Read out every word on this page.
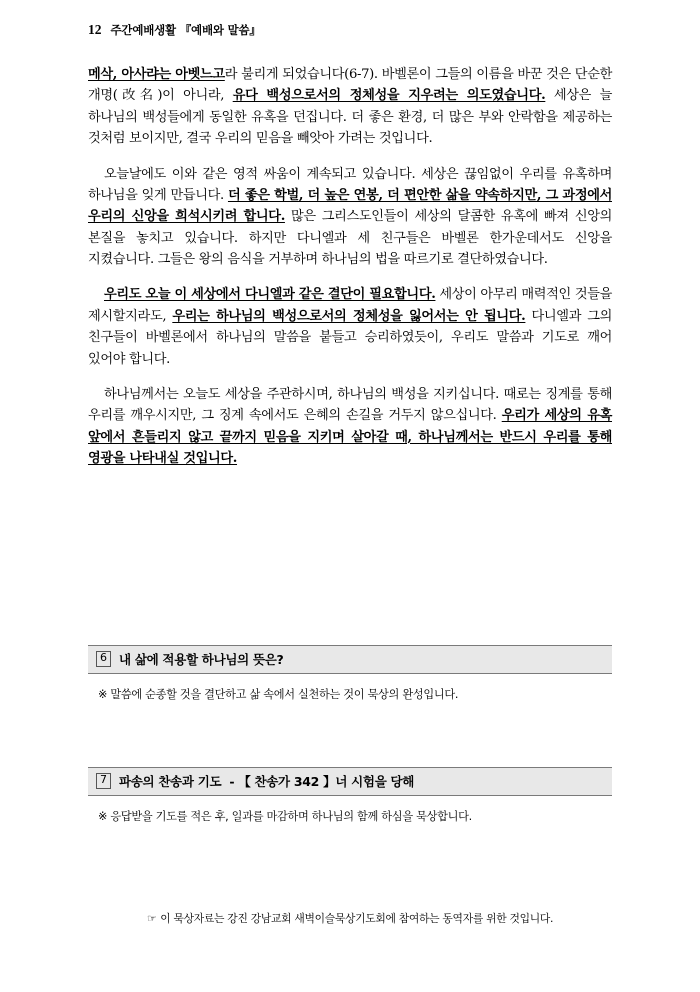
12 주간예배생활 『예배와 말씀』

메삭, 아사랴는 아벳느고라 불리게 되었습니다(6-7). 바벨론이 그들의 이름을 바꾼 것은 단순한 개명(改名)이 아니라, 유다 백성으로서의 정체성을 지우려는 의도였습니다. 세상은 늘 하나님의 백성들에게 동일한 유혹을 던집니다. 더 좋은 환경, 더 많은 부와 안락함을 제공하는 것처럼 보이지만, 결국 우리의 믿음을 빼앗아 가려는 것입니다.

오늘날에도 이와 같은 영적 싸움이 계속되고 있습니다. 세상은 끊임없이 우리를 유혹하며 하나님을 잊게 만듭니다. 더 좋은 학벌, 더 높은 연봉, 더 편안한 삶을 약속하지만, 그 과정에서 우리의 신앙을 희석시키려 합니다. 많은 그리스도인들이 세상의 달콤한 유혹에 빠져 신앙의 본질을 놓치고 있습니다. 하지만 다니엘과 세 친구들은 바벨론 한가운데서도 신앙을 지켰습니다. 그들은 왕의 음식을 거부하며 하나님의 법을 따르기로 결단하였습니다.

우리도 오늘 이 세상에서 다니엘과 같은 결단이 필요합니다. 세상이 아무리 매력적인 것들을 제시할지라도, 우리는 하나님의 백성으로서의 정체성을 잃어서는 안 됩니다. 다니엘과 그의 친구들이 바벨론에서 하나님의 말씀을 붙들고 승리하였듯이, 우리도 말씀과 기도로 깨어 있어야 합니다.

하나님께서는 오늘도 세상을 주관하시며, 하나님의 백성을 지키십니다. 때로는 징계를 통해 우리를 깨우시지만, 그 징계 속에서도 은혜의 손길을 거두지 않으십니다. 우리가 세상의 유혹 앞에서 흔들리지 않고 끝까지 믿음을 지키며 살아갈 때, 하나님께서는 반드시 우리를 통해 영광을 나타내실 것입니다.

6 내 삶에 적용할 하나님의 뜻은?
※ 말씀에 순종할 것을 결단하고 삶 속에서 실천하는 것이 묵상의 완성입니다.
7 파송의 찬송과 기도 - 【 찬송가 342 】너 시험을 당해
※ 응답받을 기도를 적은 후, 일과를 마감하며 하나님의 함께 하심을 묵상합니다.
☞ 이 묵상자료는 강진 강남교회 새벽이슬묵상기도회에 참여하는 동역자를 위한 것입니다.
